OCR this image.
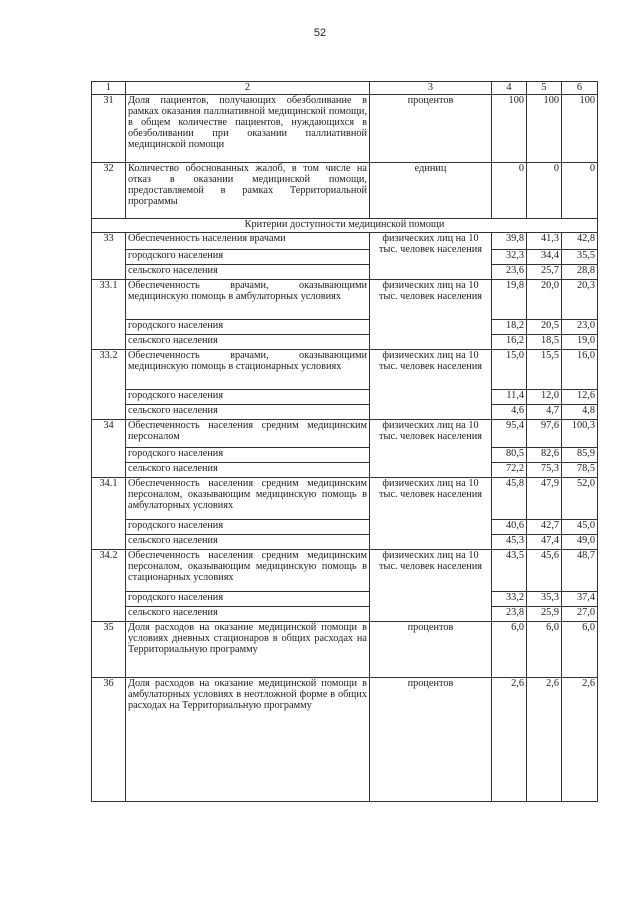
52
1	2	3	4	5	6
31	Доля пациентов, получающих обезболивание в рамках оказания паллиативной медицинской помощи, в общем количестве пациентов, нуждающихся в обезболивании при оказании паллиативной медицинской помощи	процентов	100	100	100
32	Количество обоснованных жалоб, в том числе на отказ в оказании медицинской помощи, предоставляемой в рамках Территориальной программы	единиц	0	0	0
Критерии доступности медицинской помощи					
33	Обеспеченность населения врачами	физических лиц на 10 тыс. человек населения	39,8	41,3	42,8
	городского населения		32,3	34,4	35,5
	сельского населения		23,6	25,7	28,8
33.1	Обеспеченность врачами, оказывающими медицинскую помощь в амбулаторных условиях	физических лиц на 10 тыс. человек населения	19,8	20,0	20,3
	городского населения		18,2	20,5	23,0
	сельского населения		16,2	18,5	19,0
33.2	Обеспеченность врачами, оказывающими медицинскую помощь в стационарных условиях	физических лиц на 10 тыс. человек населения	15,0	15,5	16,0
	городского населения		11,4	12,0	12,6
	сельского населения		4,6	4,7	4,8
34	Обеспеченность населения средним медицинским персоналом	физических лиц на 10 тыс. человек населения	95,4	97,6	100,3
	городского населения		80,5	82,6	85,9
	сельского населения		72,2	75,3	78,5
34.1	Обеспеченность населения средним медицинским персоналом, оказывающим медицинскую помощь в амбулаторных условиях	физических лиц на 10 тыс. человек населения	45,8	47,9	52,0
	городского населения		40,6	42,7	45,0
	сельского населения		45,3	47,4	49,0
34.2	Обеспеченность населения средним медицинским персоналом, оказывающим медицинскую помощь в стационарных условиях	физических лиц на 10 тыс. человек населения	43,5	45,6	48,7
	городского населения		33,2	35,3	37,4
	сельского населения		23,8	25,9	27,0
35	Доля расходов на оказание медицинской помощи в условиях дневных стационаров в общих расходах на Территориальную программу	процентов	6,0	6,0	6,0
36	Доля расходов на оказание медицинской помощи в амбулаторных условиях в неотложной форме в общих расходах на Территориальную программу	процентов	2,6	2,6	2,6
